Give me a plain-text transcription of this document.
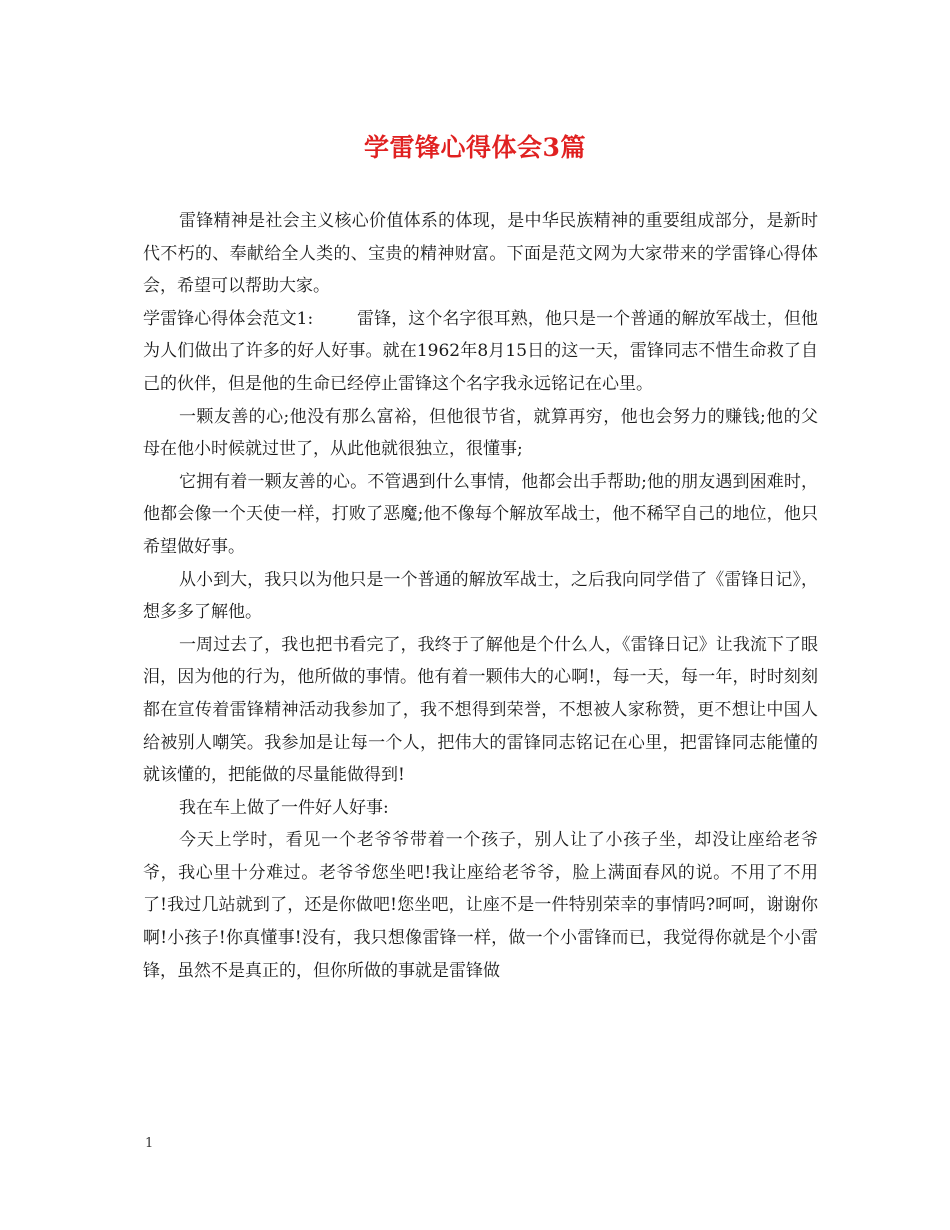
学雷锋心得体会3篇

雷锋精神是社会主义核心价值体系的体现，是中华民族精神的重要组成部分，是新时代不朽的、奉献给全人类的、宝贵的精神财富。下面是范文网为大家带来的学雷锋心得体会，希望可以帮助大家。

学雷锋心得体会范文1:        雷锋，这个名字很耳熟，他只是一个普通的解放军战士，但他为人们做出了许多的好人好事。就在1962年8月15日的这一天，雷锋同志不惜生命救了自己的伙伴，但是他的生命已经停止雷锋这个名字我永远铭记在心里。

一颗友善的心;他没有那么富裕，但他很节省，就算再穷，他也会努力的赚钱;他的父母在他小时候就过世了，从此他就很独立，很懂事;

它拥有着一颗友善的心。不管遇到什么事情，他都会出手帮助;他的朋友遇到困难时，他都会像一个天使一样，打败了恶魔;他不像每个解放军战士，他不稀罕自己的地位，他只希望做好事。

从小到大，我只以为他只是一个普通的解放军战士，之后我向同学借了《雷锋日记》，想多多了解他。

一周过去了，我也把书看完了，我终于了解他是个什么人，《雷锋日记》让我流下了眼泪，因为他的行为，他所做的事情。他有着一颗伟大的心啊!，每一天，每一年，时时刻刻都在宣传着雷锋精神活动我参加了，我不想得到荣誉，不想被人家称赞，更不想让中国人给被别人嘲笑。我参加是让每一个人，把伟大的雷锋同志铭记在心里，把雷锋同志能懂的就该懂的，把能做的尽量能做得到!

我在车上做了一件好人好事:

今天上学时，看见一个老爷爷带着一个孩子，别人让了小孩子坐，却没让座给老爷爷，我心里十分难过。老爷爷您坐吧!我让座给老爷爷，脸上满面春风的说。不用了不用了!我过几站就到了，还是你做吧!您坐吧，让座不是一件特别荣幸的事情吗?呵呵，谢谢你啊!小孩子!你真懂事!没有，我只想像雷锋一样，做一个小雷锋而已，我觉得你就是个小雷锋，虽然不是真正的，但你所做的事就是雷锋做

1
